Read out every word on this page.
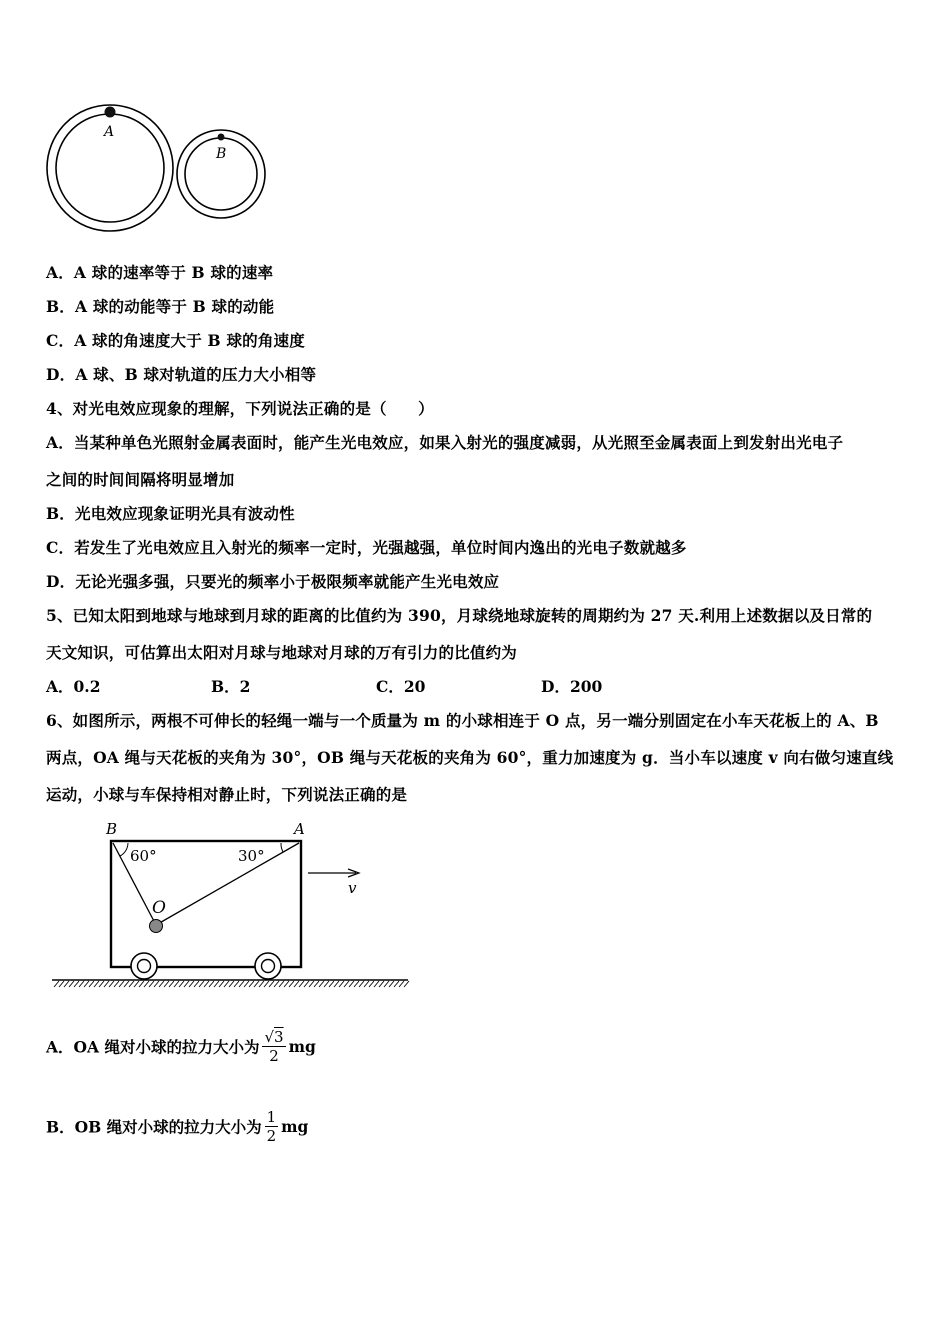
A
B
A．A 球的速率等于 B 球的速率
B．A 球的动能等于 B 球的动能
C．A 球的角速度大于 B 球的角速度
D．A 球、B 球对轨道的压力大小相等
4、对光电效应现象的理解，下列说法正确的是（　　）
A．当某种单色光照射金属表面时，能产生光电效应，如果入射光的强度减弱，从光照至金属表面上到发射出光电子
之间的时间间隔将明显增加
B．光电效应现象证明光具有波动性
C．若发生了光电效应且入射光的频率一定时，光强越强，单位时间内逸出的光电子数就越多
D．无论光强多强，只要光的频率小于极限频率就能产生光电效应
5、已知太阳到地球与地球到月球的距离的比值约为 390，月球绕地球旋转的周期约为 27 天.利用上述数据以及日常的
天文知识，可估算出太阳对月球与地球对月球的万有引力的比值约为
A．0.2	B．2	C．20	D．200
6、如图所示，两根不可伸长的轻绳一端与一个质量为 m 的小球相连于 O 点，另一端分别固定在小车天花板上的 A、B
两点，OA 绳与天花板的夹角为 30°，OB 绳与天花板的夹角为 60°，重力加速度为 g．当小车以速度 v 向右做匀速直线
运动，小球与车保持相对静止时，下列说法正确的是
B	A
60°	30°
O
v
A．OA 绳对小球的拉力大小为 $\frac{√3}{2}$ mg
B．OB 绳对小球的拉力大小为 $\frac{1}{2}$ mg
